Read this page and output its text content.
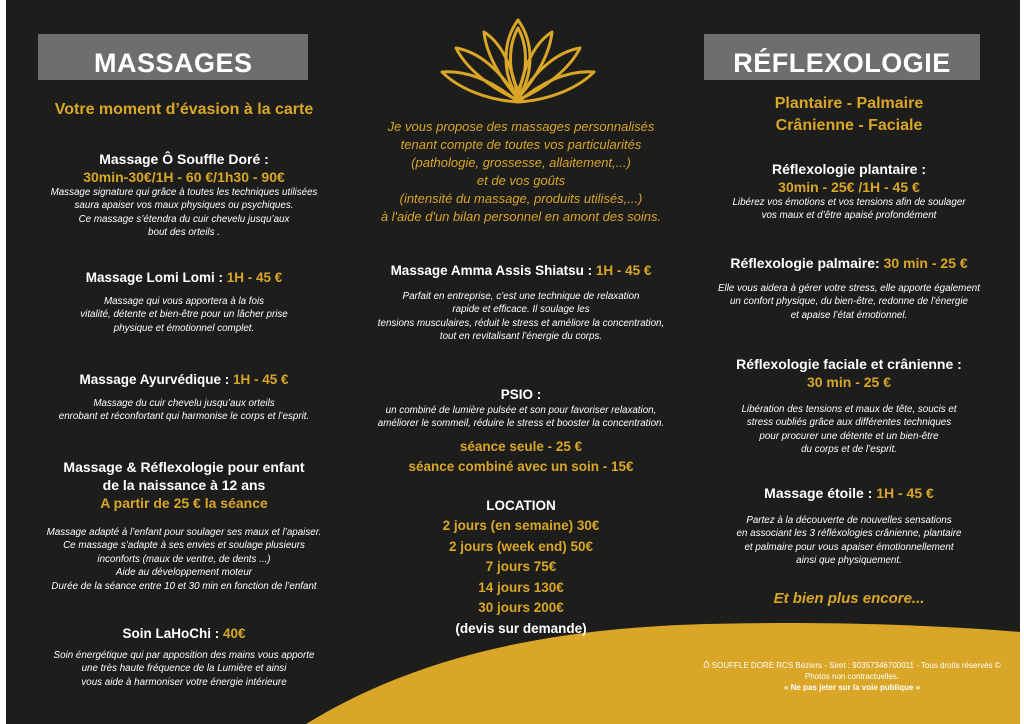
MASSAGES
Votre moment d’évasion à la carte

Massage Ô Souffle Doré :

30min-30€/1H - 60 €/1h30 - 90€

Massage signature qui grâce à toutes les techniques utilisées

saura apaiser vos maux physiques ou psychiques.

Ce massage s’étendra du cuir chevelu jusqu’aux

bout des orteils .

Massage Lomi Lomi : 1H - 45 €

Massage qui vous apportera à la fois

vitalité, détente et bien-être pour un lâcher prise

physique et émotionnel complet.

Massage Ayurvédique : 1H - 45 €

Massage du cuir chevelu jusqu’aux orteils

enrobant et réconfortant qui harmonise le corps et l’esprit.

Massage & Réflexologie pour enfant

de la naissance à 12 ans

A partir de 25 € la séance

Massage adapté à l’enfant pour soulager ses maux et l’apaiser.

Ce massage s’adapte à ses envies et soulage plusieurs

inconforts (maux de ventre, de dents ...)

Aide au développement moteur

Durée de la séance entre 10 et 30 min en fonction de l’enfant

Soin LaHoChi : 40€

Soin énergétique qui par apposition des mains vous apporte

une très haute fréquence de la Lumière et ainsi

vous aide à harmoniser votre énergie intérieure

Je vous propose des massages personnalisés

tenant compte de toutes vos particularités

(pathologie, grossesse, allaitement,...)

et de vos goûts

(intensité du massage, produits utilisés,...)

à l'aide d'un bilan personnel en amont des soins.

Massage Amma Assis Shiatsu : 1H - 45 €

Parfait en entreprise, c’est une technique de relaxation

rapide et efficace. Il soulage les

tensions musculaires, réduit le stress et améliore la concentration,

tout en revitalisant l’énergie du corps.

PSIO :

un combiné de lumière pulsée et son pour favoriser relaxation,

améliorer le sommeil, réduire le stress et booster la concentration.

séance seule - 25 €

séance combiné avec un soin - 15€

LOCATION

2 jours (en semaine) 30€

2 jours (week end) 50€

7 jours 75€

14 jours 130€

30 jours 200€

(devis sur demande)

RÉFLEXOLOGIE

Plantaire - Palmaire

Crânienne - Faciale

Réflexologie plantaire :

30min - 25€ /1H - 45 €

Libérez vos émotions et vos tensions afin de soulager

vos maux et d’être apaisé profondément

Réflexologie palmaire: 30 min - 25 €

Elle vous aidera à gérer votre stress, elle apporte également

un confort physique, du bien-être, redonne de l’énergie

et apaise l’état émotionnel.

Réflexologie faciale et crânienne :

30 min - 25 €

Libération des tensions et maux de tête, soucis et

stress oubliés grâce aux différentes techniques

pour procurer une détente et un bien-être

du corps et de l’esprit.

Massage étoile : 1H - 45 €

Partez à la découverte de nouvelles sensations

en associant les 3 réfléxologies crânienne, plantaire

et palmaire pour vous apaiser émotionnellement

ainsi que physiquement.

Et bien plus encore...
Ô SOUFFLE DORE RCS Béziers - Siret : 90357346700011 - Tous droits réservés ©
Photos non contractuelles.
« Ne pas jeter sur la voie publique »
